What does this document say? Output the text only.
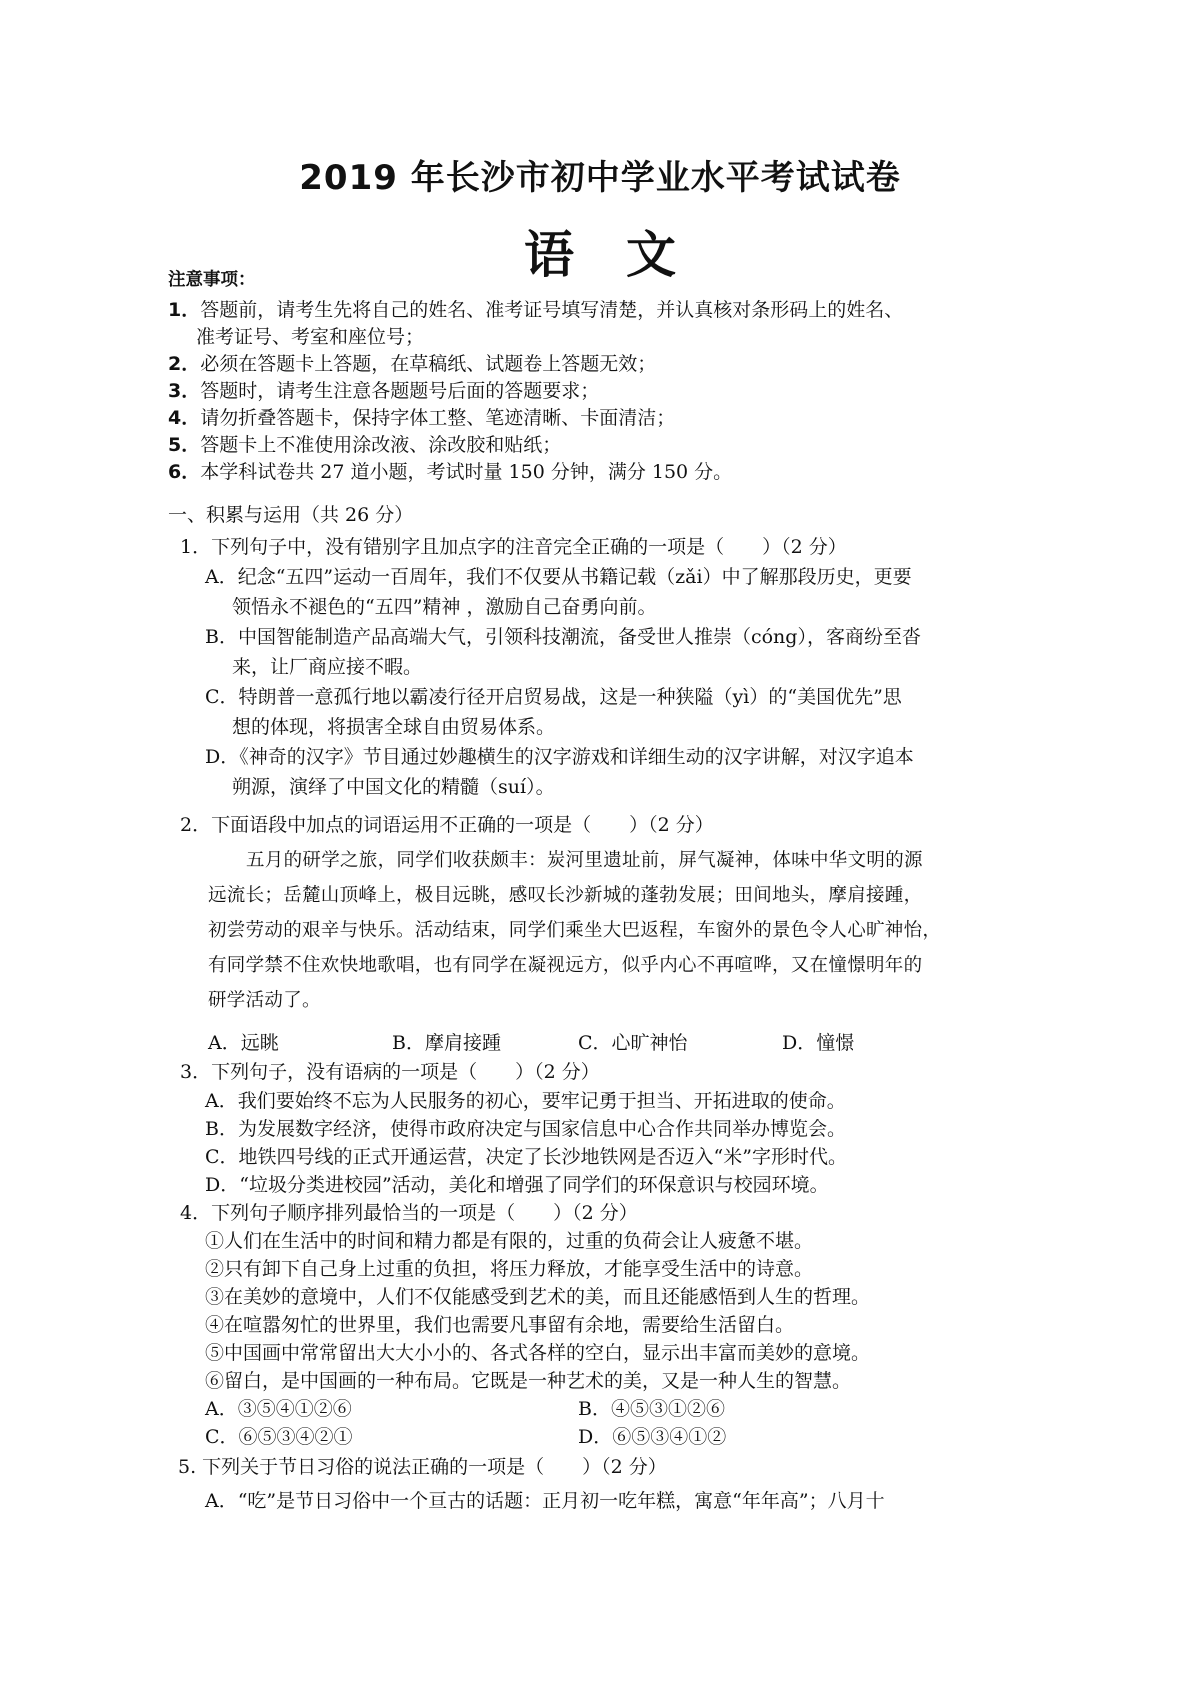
2019 年长沙市初中学业水平考试试卷
语文
注意事项：
1．答题前，请考生先将自己的姓名、准考证号填写清楚，并认真核对条形码上的姓名、
准考证号、考室和座位号；
2．必须在答题卡上答题，在草稿纸、试题卷上答题无效；
3．答题时，请考生注意各题题号后面的答题要求；
4．请勿折叠答题卡，保持字体工整、笔迹清晰、卡面清洁；
5．答题卡上不准使用涂改液、涂改胶和贴纸；
6．本学科试卷共 27 道小题，考试时量 150 分钟，满分 150 分。
一、积累与运用（共 26 分）
1．下列句子中，没有错别字且加点字的注音完全正确的一项是（　　）（2 分）
A．纪念“五四”运动一百周年，我们不仅要从书籍记载（zǎi）中了解那段历史，更要
领悟永不褪色的“五四”精神 ，激励自己奋勇向前。
B．中国智能制造产品高端大气，引领科技潮流，备受世人推崇（cóng），客商纷至沓
来，让厂商应接不暇。
C．特朗普一意孤行地以霸凌行径开启贸易战，这是一种狭隘（yì）的“美国优先”思
想的体现，将损害全球自由贸易体系。
D．《神奇的汉字》节目通过妙趣横生的汉字游戏和详细生动的汉字讲解，对汉字追本
朔源，演绎了中国文化的精髓（suí）。
2．下面语段中加点的词语运用不正确的一项是（　　）（2 分）
五月的研学之旅，同学们收获颇丰：炭河里遗址前，屏气凝神，体味中华文明的源
远流长；岳麓山顶峰上，极目远眺，感叹长沙新城的蓬勃发展；田间地头，摩肩接踵，
初尝劳动的艰辛与快乐。活动结束，同学们乘坐大巴返程，车窗外的景色令人心旷神怡，
有同学禁不住欢快地歌唱，也有同学在凝视远方，似乎内心不再喧哗，又在憧憬明年的
研学活动了。
A．远眺	B．摩肩接踵	C．心旷神怡	D．憧憬
3．下列句子，没有语病的一项是（　　）（2 分）
A．我们要始终不忘为人民服务的初心，要牢记勇于担当、开拓进取的使命。
B．为发展数字经济，使得市政府决定与国家信息中心合作共同举办博览会。
C．地铁四号线的正式开通运营，决定了长沙地铁网是否迈入“米”字形时代。
D．“垃圾分类进校园”活动，美化和增强了同学们的环保意识与校园环境。
4．下列句子顺序排列最恰当的一项是（　　）（2 分）
①人们在生活中的时间和精力都是有限的，过重的负荷会让人疲惫不堪。
②只有卸下自己身上过重的负担，将压力释放，才能享受生活中的诗意。
③在美妙的意境中，人们不仅能感受到艺术的美，而且还能感悟到人生的哲理。
④在喧嚣匆忙的世界里，我们也需要凡事留有余地，需要给生活留白。
⑤中国画中常常留出大大小小的、各式各样的空白，显示出丰富而美妙的意境。
⑥留白，是中国画的一种布局。它既是一种艺术的美，又是一种人生的智慧。
A．③⑤④①②⑥	B．④⑤③①②⑥
C．⑥⑤③④②①	D．⑥⑤③④①②
5. 下列关于节日习俗的说法正确的一项是（　　）（2 分）
A．“吃”是节日习俗中一个亘古的话题：正月初一吃年糕，寓意“年年高”；八月十
